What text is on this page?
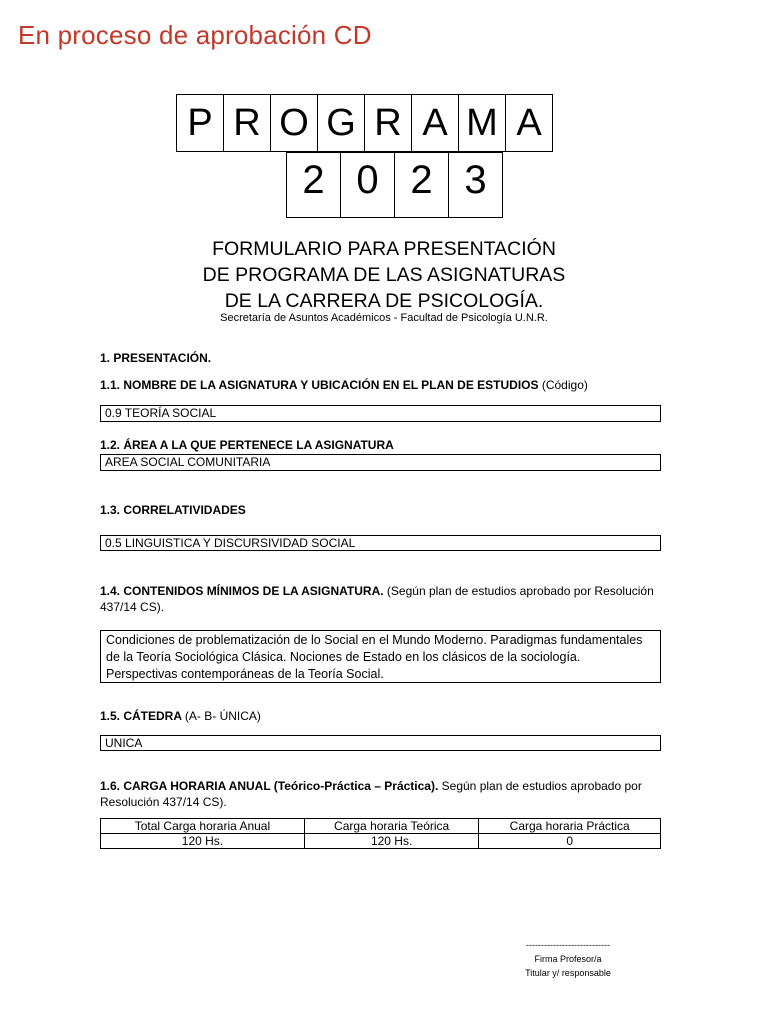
En proceso de aprobación CD
P R O G R A M A
2 0 2 3
FORMULARIO PARA PRESENTACIÓN
DE PROGRAMA DE LAS ASIGNATURAS
DE LA CARRERA DE PSICOLOGÍA.
Secretaría de Asuntos Académicos - Facultad de Psicología U.N.R.
1. PRESENTACIÓN.
1.1. NOMBRE DE LA ASIGNATURA Y UBICACIÓN EN EL PLAN DE ESTUDIOS (Código)
0.9 TEORÍA SOCIAL
1.2. ÁREA A LA QUE PERTENECE LA ASIGNATURA
AREA SOCIAL COMUNITARIA
1.3. CORRELATIVIDADES
0.5 LINGUISTICA Y DISCURSIVIDAD SOCIAL
1.4. CONTENIDOS MÍNIMOS DE LA ASIGNATURA. (Según plan de estudios aprobado por Resolución 437/14 CS).
Condiciones de problematización de lo Social en el Mundo Moderno. Paradigmas fundamentales de la Teoría Sociológica Clásica. Nociones de Estado en los clásicos de la sociología. Perspectivas contemporáneas de la Teoría Social.
1.5. CÁTEDRA (A- B- ÚNICA)
UNICA
1.6. CARGA HORARIA ANUAL (Teórico-Práctica – Práctica). Según plan de estudios aprobado por Resolución 437/14 CS).
Total Carga horaria Anual	Carga horaria Teórica	Carga horaria Práctica
120 Hs.	120 Hs.	0
----------------------------
Firma Profesor/a
Titular y/ responsable
